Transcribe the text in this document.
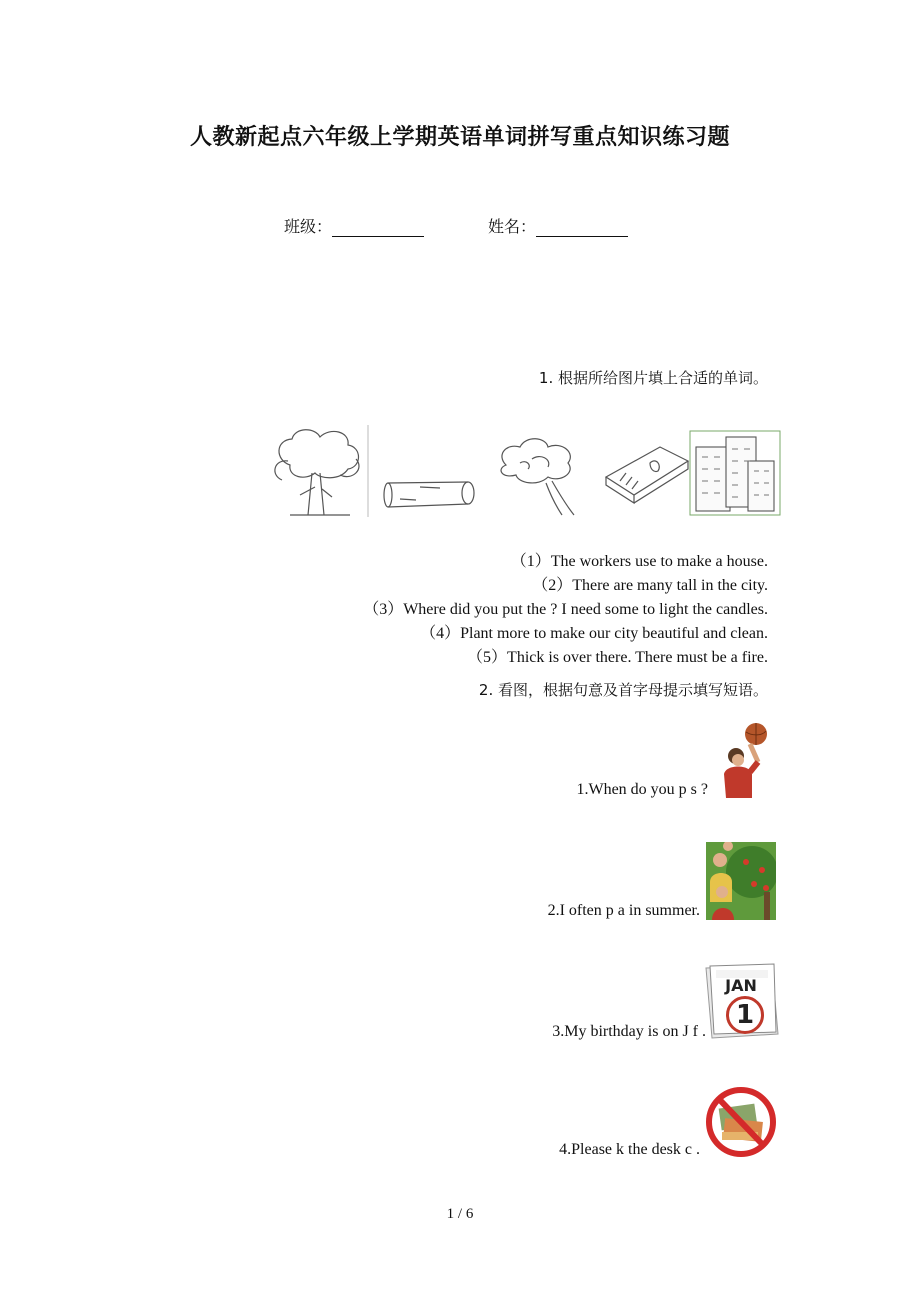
人教新起点六年级上学期英语单词拼写重点知识练习题
班级：	姓名：
1. 根据所给图片填上合适的单词。
（1）The workers use to make a house.
（2）There are many tall in the city.
（3）Where did you put the ? I need some to light the candles.
（4）Plant more to make our city beautiful and clean.
（5）Thick is over there. There must be a fire.
2. 看图，根据句意及首字母提示填写短语。
1.When do you p s ?
2.I often p a in summer.
3.My birthday is on J f .
JAN
1
4.Please k the desk c .
1 / 6
